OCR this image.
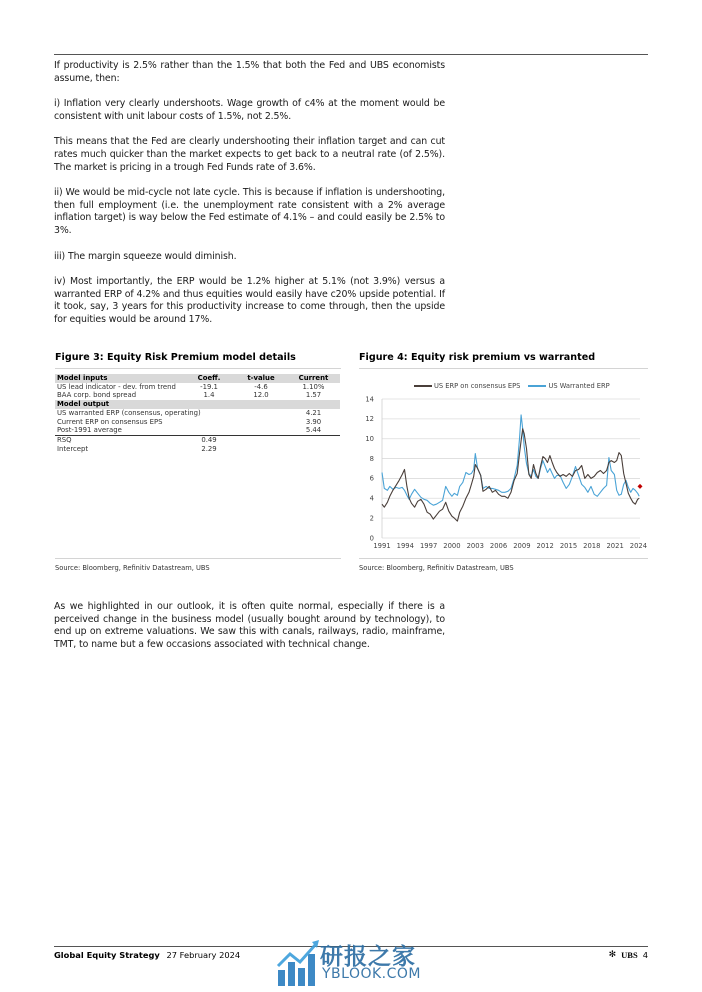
If productivity is 2.5% rather than the 1.5% that both the Fed and UBS economists assume, then:

i) Inflation very clearly undershoots. Wage growth of c4% at the moment would be consistent with unit labour costs of 1.5%, not 2.5%.

This means that the Fed are clearly undershooting their inflation target and can cut rates much quicker than the market expects to get back to a neutral rate (of 2.5%). The market is pricing in a trough Fed Funds rate of 3.6%.

ii) We would be mid-cycle not late cycle. This is because if inflation is undershooting, then full employment (i.e. the unemployment rate consistent with a 2% average inflation target) is way below the Fed estimate of 4.1% – and could easily be 2.5% to 3%.

iii) The margin squeeze would diminish.

iv) Most importantly, the ERP would be 1.2% higher at 5.1% (not 3.9%) versus a warranted ERP of 4.2% and thus equities would easily have c20% upside potential. If it took, say, 3 years for this productivity increase to come through, then the upside for equities would be around 17%.

Figure 3: Equity Risk Premium model details
Model inputs	Coeff.	t-value	Current
US lead indicator - dev. from trend	-19.1	-4.6	1.10%
BAA corp. bond spread	1.4	12.0	1.57
Model output			
US warranted ERP (consensus, operating)			4.21
Current ERP on consensus EPS			3.90
Post-1991 average			5.44
RSQ	0.49		
Intercept	2.29		
Source: Bloomberg, Refinitiv Datastream, UBS
Figure 4: Equity risk premium vs warranted
US ERP on consensus EPS	US Warranted ERP
0
2
4
6
8
10
12
14
1991 1994 1997 2000 2003 2006 2009 2012 2015 2018 2021 2024
Source: Bloomberg, Refinitiv Datastream, UBS

As we highlighted in our outlook, it is often quite normal, especially if there is a perceived change in the business model (usually bought around by technology), to end up on extreme valuations. We saw this with canals, railways, radio, mainframe, TMT, to name but a few occasions associated with technical change.

Global Equity Strategy 27 February 2024	✻ UBS 4
研报之家
YBLOOK.COM
